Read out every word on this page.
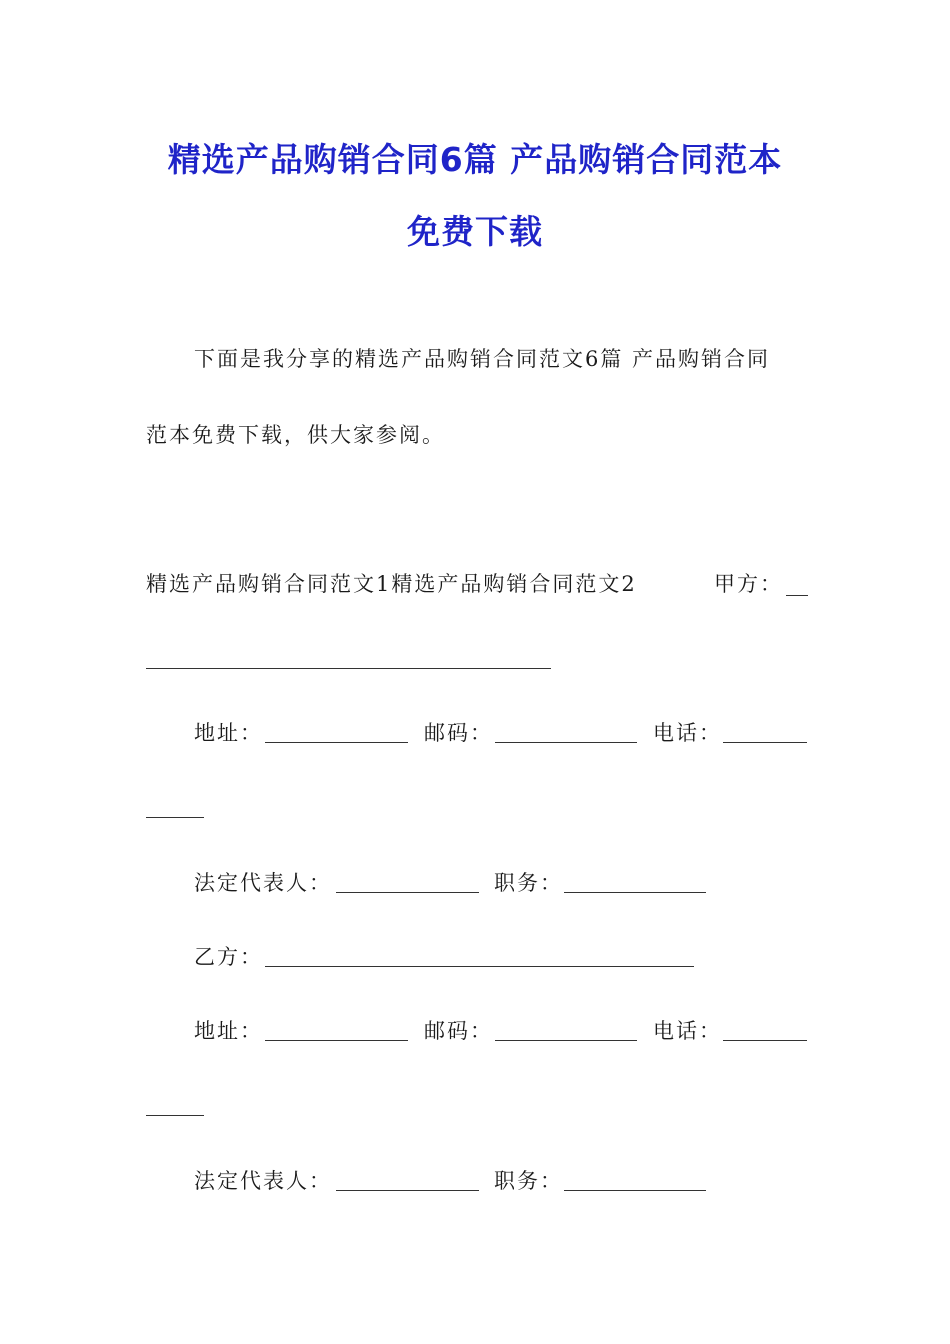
精选产品购销合同6篇 产品购销合同范本
免费下载
下面是我分享的精选产品购销合同范文6篇 产品购销合同
范本免费下载，供大家参阅。
精选产品购销合同范文1精选产品购销合同范文2	甲方：
地址：	邮码：	电话：
法定代表人：	职务：
乙方：
地址：	邮码：	电话：
法定代表人：	职务：
